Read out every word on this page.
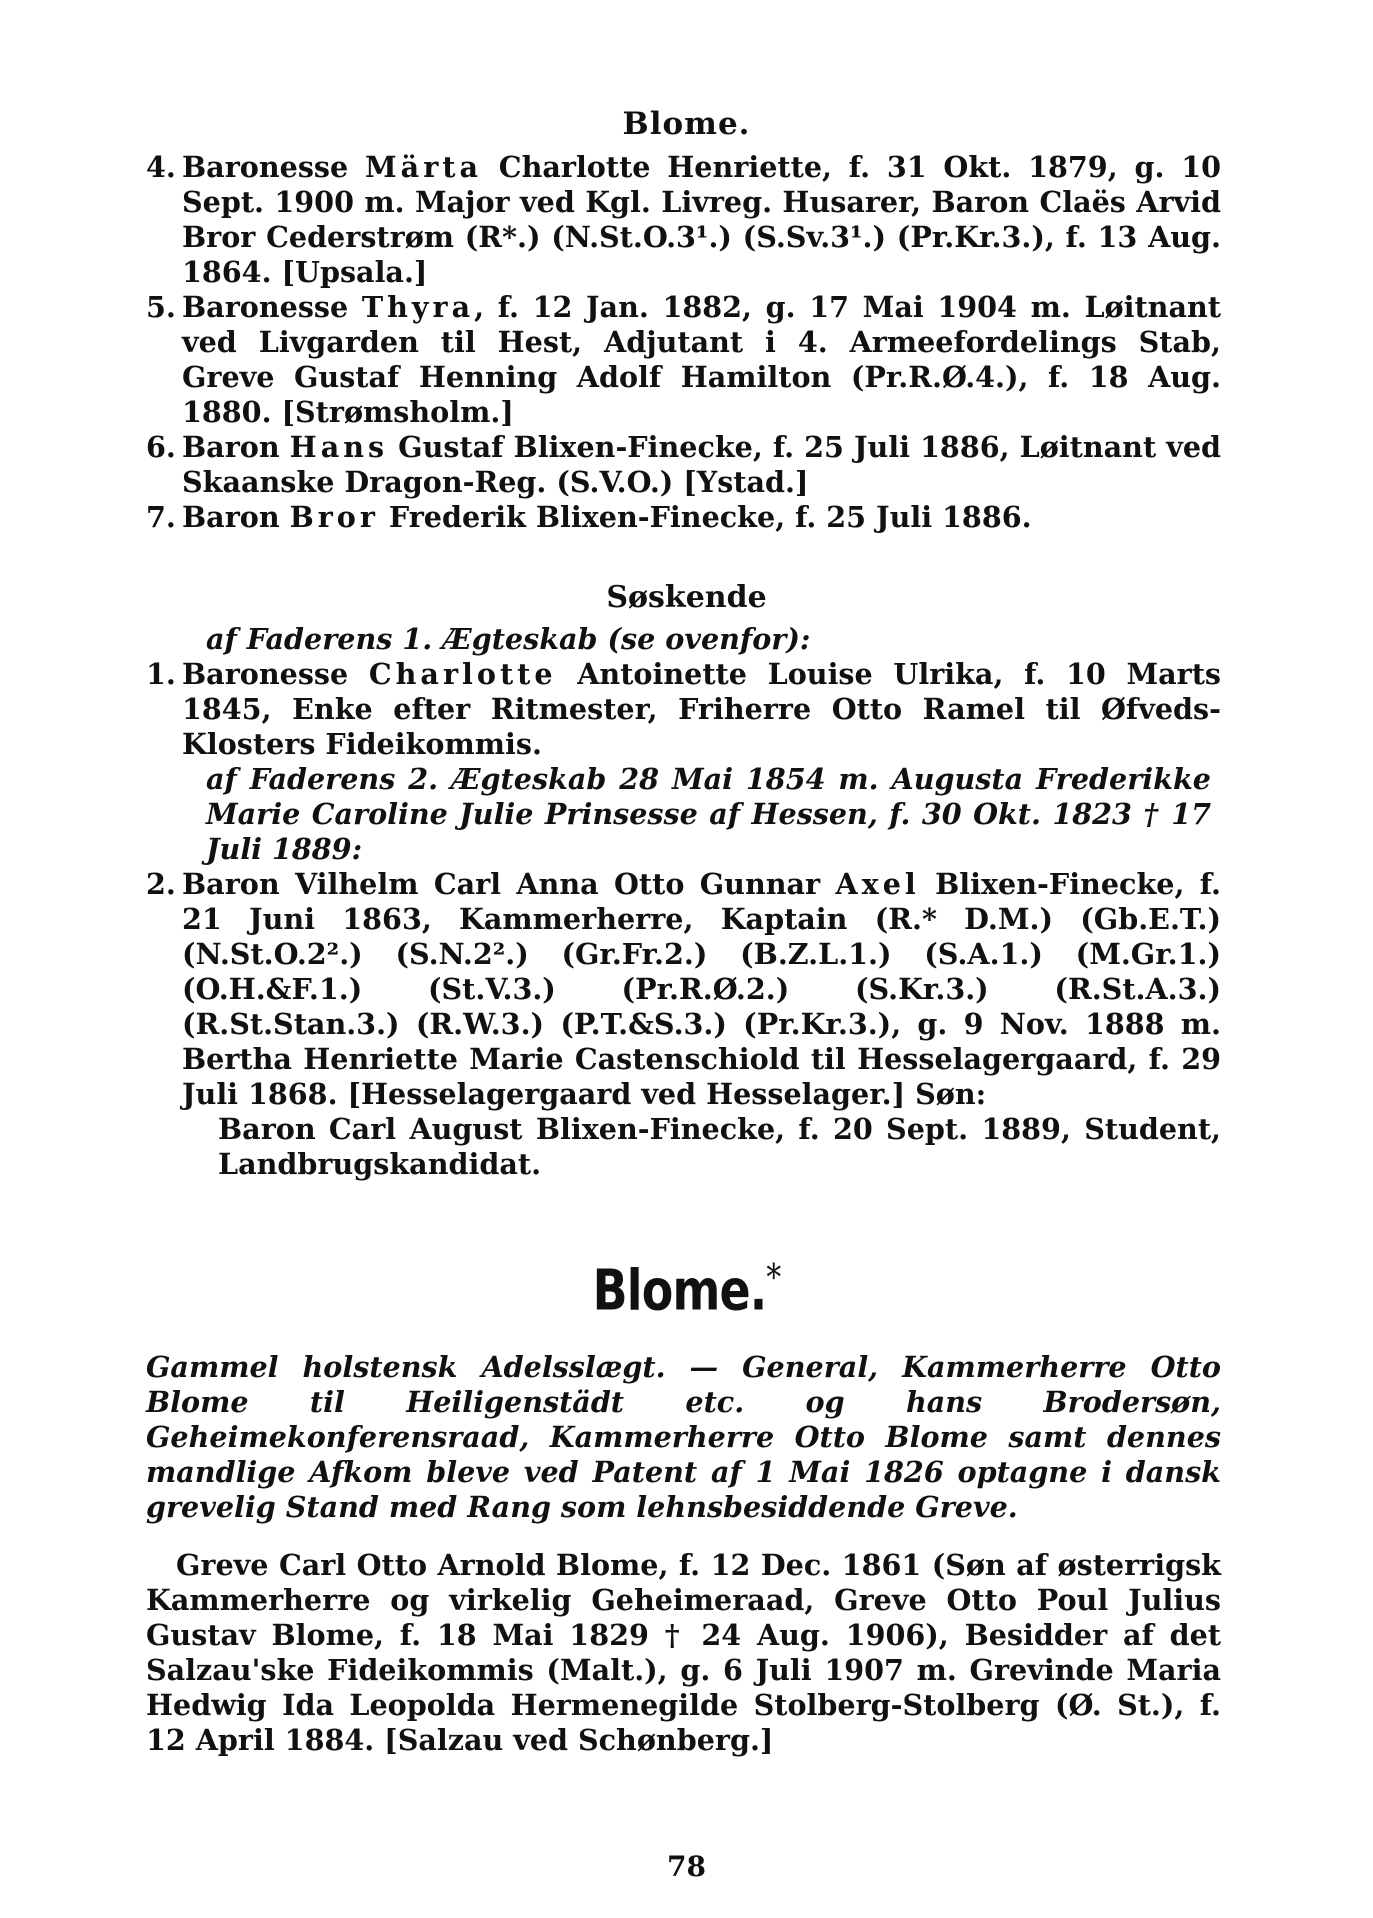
Blome.

4. Baronesse Märta Charlotte Henriette, f. 31 Okt. 1879, g. 10 Sept. 1900 m. Major ved Kgl. Livreg. Husarer, Baron Claës Arvid Bror Cederstrøm (R*.) (N.St.O.3¹.) (S.Sv.3¹.) (Pr.Kr.3.), f. 13 Aug. 1864. [Upsala.]

5. Baronesse Thyra, f. 12 Jan. 1882, g. 17 Mai 1904 m. Løitnant ved Livgarden til Hest, Adjutant i 4. Armeefordelings Stab, Greve Gustaf Henning Adolf Hamilton (Pr.R.Ø.4.), f. 18 Aug. 1880. [Strømsholm.]

6. Baron Hans Gustaf Blixen-Finecke, f. 25 Juli 1886, Løitnant ved Skaanske Dragon-Reg. (S.V.O.) [Ystad.]

7. Baron Bror Frederik Blixen-Finecke, f. 25 Juli 1886.

Søskende

af Faderens 1. Ægteskab (se ovenfor):

1. Baronesse Charlotte Antoinette Louise Ulrika, f. 10 Marts 1845, Enke efter Ritmester, Friherre Otto Ramel til Øfveds-Klosters Fideikommis.

af Faderens 2. Ægteskab 28 Mai 1854 m. Augusta Frederikke Marie Caroline Julie Prinsesse af Hessen, f. 30 Okt. 1823 † 17 Juli 1889:

2. Baron Vilhelm Carl Anna Otto Gunnar Axel Blixen-Finecke, f. 21 Juni 1863, Kammerherre, Kaptain (R.* D.M.) (Gb.E.T.) (N.St.O.2².) (S.N.2².) (Gr.Fr.2.) (B.Z.L.1.) (S.A.1.) (M.Gr.1.) (O.H.&F.1.) (St.V.3.) (Pr.R.Ø.2.) (S.Kr.3.) (R.St.A.3.) (R.St.Stan.3.) (R.W.3.) (P.T.&S.3.) (Pr.Kr.3.), g. 9 Nov. 1888 m. Bertha Henriette Marie Castenschiold til Hesselagergaard, f. 29 Juli 1868. [Hesselagergaard ved Hesselager.] Søn:

Baron Carl August Blixen-Finecke, f. 20 Sept. 1889, Student, Landbrugskandidat.

Blome.*
Gammel holstensk Adelsslægt. — General, Kammerherre Otto Blome til Heiligenstädt etc. og hans Brodersøn, Geheimekonferensraad, Kammerherre Otto Blome samt dennes mandlige Afkom bleve ved Patent af 1 Mai 1826 optagne i dansk grevelig Stand med Rang som lehnsbesiddende Greve.
Greve Carl Otto Arnold Blome, f. 12 Dec. 1861 (Søn af østerrigsk Kammerherre og virkelig Geheimeraad, Greve Otto Poul Julius Gustav Blome, f. 18 Mai 1829 † 24 Aug. 1906), Besidder af det Salzau'ske Fideikommis (Malt.), g. 6 Juli 1907 m. Grevinde Maria Hedwig Ida Leopolda Hermenegilde Stolberg-Stolberg (Ø. St.), f. 12 April 1884. [Salzau ved Schønberg.]
78
